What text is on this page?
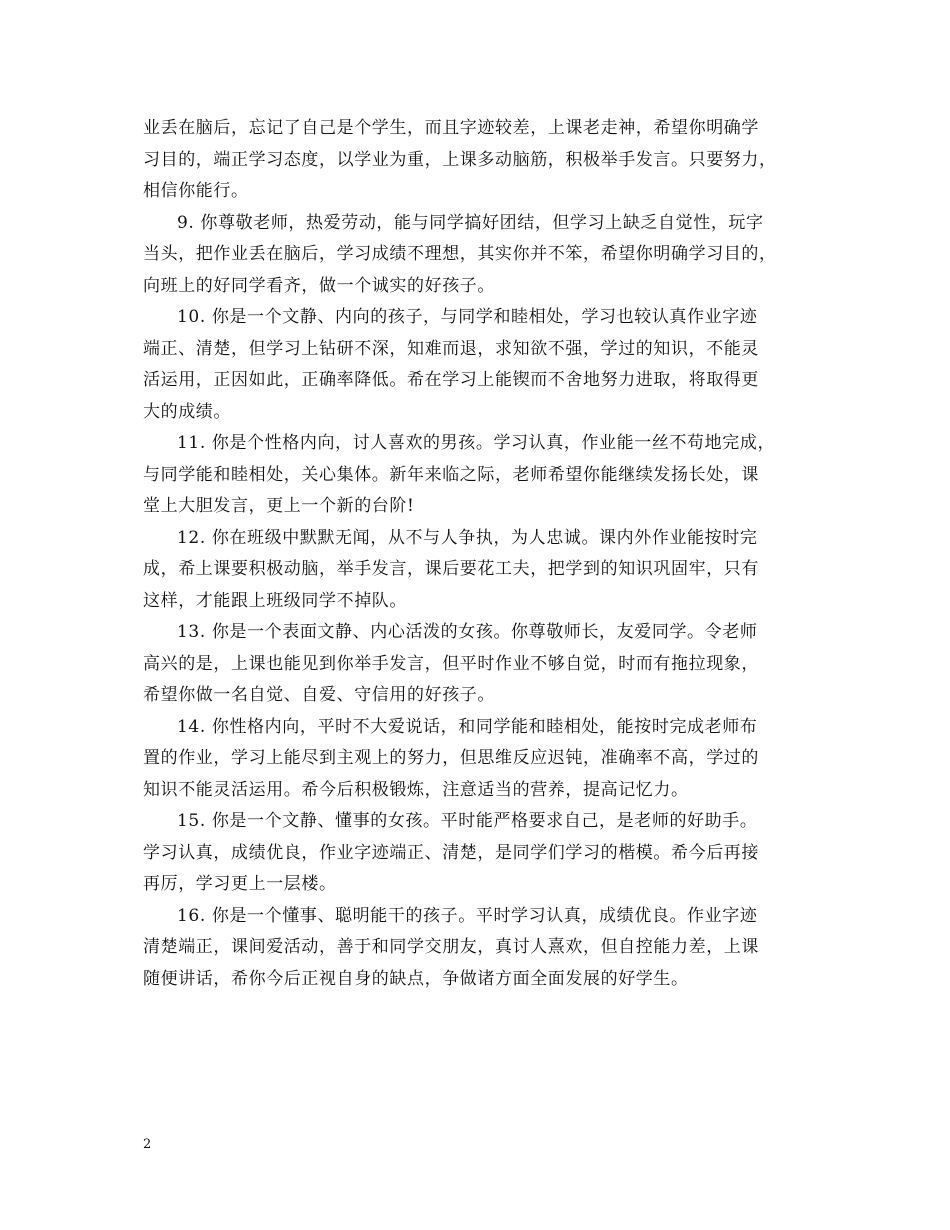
业丢在脑后，忘记了自己是个学生，而且字迹较差，上课老走神，希望你明确学
习目的，端正学习态度，以学业为重，上课多动脑筋，积极举手发言。只要努力，
相信你能行。

9. 你尊敬老师，热爱劳动，能与同学搞好团结，但学习上缺乏自觉性，玩字
当头，把作业丢在脑后，学习成绩不理想，其实你并不笨，希望你明确学习目的，
向班上的好同学看齐，做一个诚实的好孩子。

10. 你是一个文静、内向的孩子，与同学和睦相处，学习也较认真作业字迹
端正、清楚，但学习上钻研不深，知难而退，求知欲不强，学过的知识，不能灵
活运用，正因如此，正确率降低。希在学习上能锲而不舍地努力进取，将取得更
大的成绩。

11. 你是个性格内向，讨人喜欢的男孩。学习认真，作业能一丝不苟地完成，
与同学能和睦相处，关心集体。新年来临之际，老师希望你能继续发扬长处，课
堂上大胆发言，更上一个新的台阶!

12. 你在班级中默默无闻，从不与人争执，为人忠诚。课内外作业能按时完
成，希上课要积极动脑，举手发言，课后要花工夫，把学到的知识巩固牢，只有
这样，才能跟上班级同学不掉队。

13. 你是一个表面文静、内心活泼的女孩。你尊敬师长，友爱同学。令老师
高兴的是，上课也能见到你举手发言，但平时作业不够自觉，时而有拖拉现象，
希望你做一名自觉、自爱、守信用的好孩子。

14. 你性格内向，平时不大爱说话，和同学能和睦相处，能按时完成老师布
置的作业，学习上能尽到主观上的努力，但思维反应迟钝，准确率不高，学过的
知识不能灵活运用。希今后积极锻炼，注意适当的营养，提高记忆力。

15. 你是一个文静、懂事的女孩。平时能严格要求自己，是老师的好助手。
学习认真，成绩优良，作业字迹端正、清楚，是同学们学习的楷模。希今后再接
再厉，学习更上一层楼。

16. 你是一个懂事、聪明能干的孩子。平时学习认真，成绩优良。作业字迹
清楚端正，课间爱活动，善于和同学交朋友，真讨人熹欢，但自控能力差，上课
随便讲话，希你今后正视自身的缺点，争做诸方面全面发展的好学生。

2
